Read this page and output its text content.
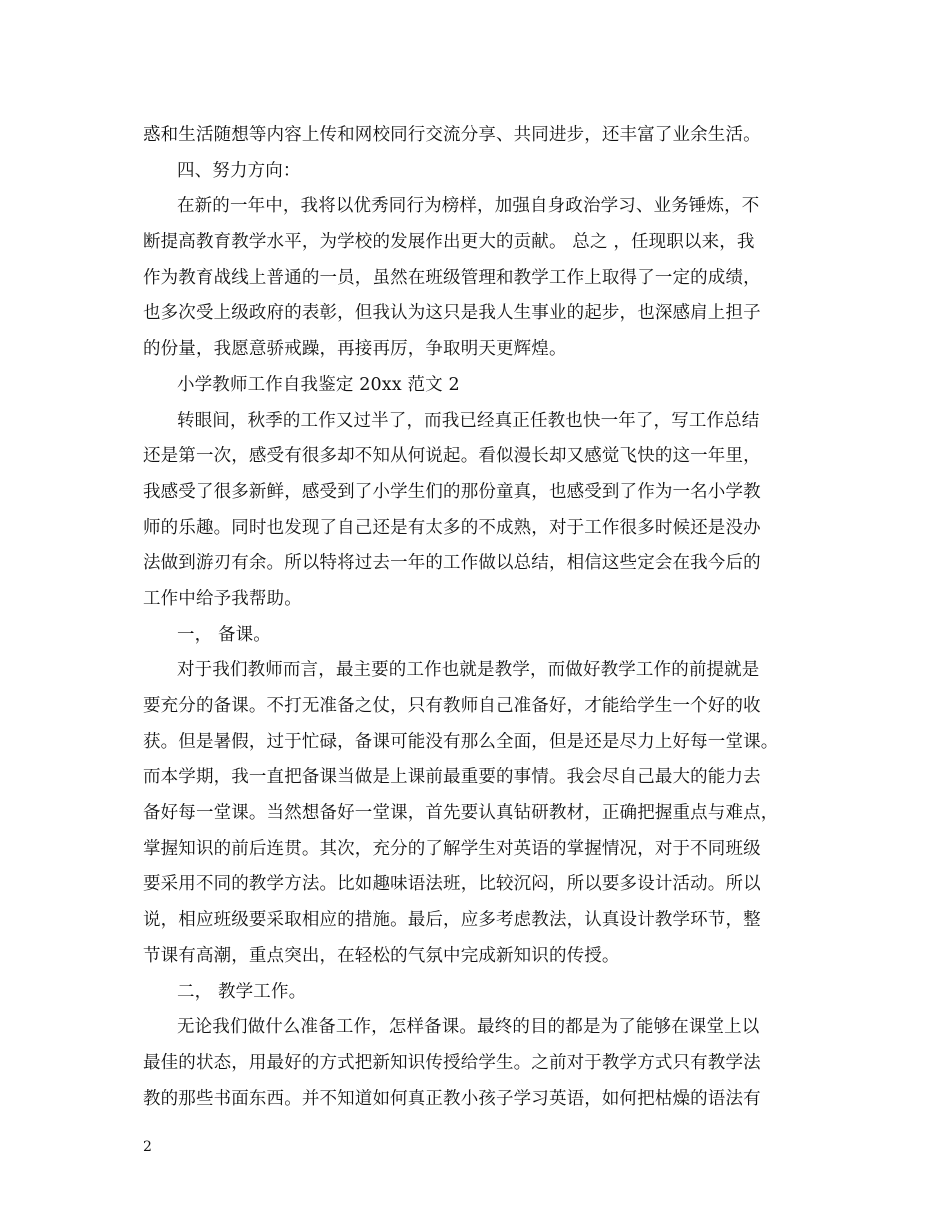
惑和生活随想等内容上传和网校同行交流分享、共同进步，还丰富了业余生活。
四、努力方向：
在新的一年中，我将以优秀同行为榜样，加强自身政治学习、业务锤炼，不
断提高教育教学水平，为学校的发展作出更大的贡献。 总之 ，任现职以来，我
作为教育战线上普通的一员，虽然在班级管理和教学工作上取得了一定的成绩，
也多次受上级政府的表彰，但我认为这只是我人生事业的起步，也深感肩上担子
的份量，我愿意骄戒躁，再接再厉，争取明天更辉煌。
小学教师工作自我鉴定 20xx 范文 2
转眼间，秋季的工作又过半了，而我已经真正任教也快一年了，写工作总结
还是第一次，感受有很多却不知从何说起。看似漫长却又感觉飞快的这一年里，
我感受了很多新鲜，感受到了小学生们的那份童真，也感受到了作为一名小学教
师的乐趣。同时也发现了自己还是有太多的不成熟，对于工作很多时候还是没办
法做到游刃有余。所以特将过去一年的工作做以总结，相信这些定会在我今后的
工作中给予我帮助。
一， 备课。
对于我们教师而言，最主要的工作也就是教学，而做好教学工作的前提就是
要充分的备课。不打无准备之仗，只有教师自己准备好，才能给学生一个好的收
获。但是暑假，过于忙碌，备课可能没有那么全面，但是还是尽力上好每一堂课。
而本学期，我一直把备课当做是上课前最重要的事情。我会尽自己最大的能力去
备好每一堂课。当然想备好一堂课，首先要认真钻研教材，正确把握重点与难点，
掌握知识的前后连贯。其次，充分的了解学生对英语的掌握情况，对于不同班级
要采用不同的教学方法。比如趣味语法班，比较沉闷，所以要多设计活动。所以
说，相应班级要采取相应的措施。最后，应多考虑教法，认真设计教学环节，整
节课有高潮，重点突出，在轻松的气氛中完成新知识的传授。
二， 教学工作。
无论我们做什么准备工作，怎样备课。最终的目的都是为了能够在课堂上以
最佳的状态，用最好的方式把新知识传授给学生。之前对于教学方式只有教学法
教的那些书面东西。并不知道如何真正教小孩子学习英语，如何把枯燥的语法有
2
